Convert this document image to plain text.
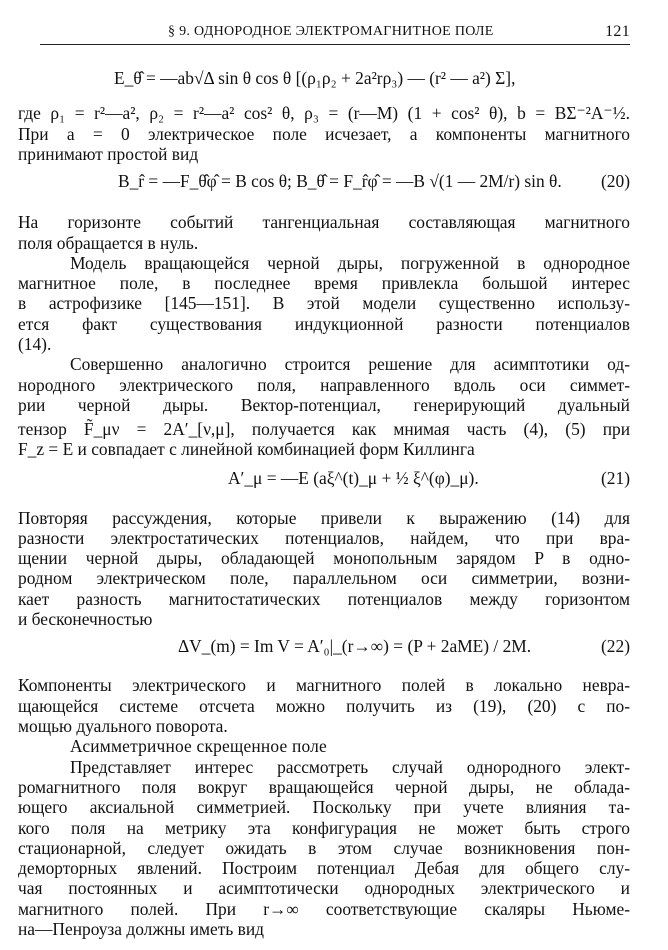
§ 9. ОДНОРОДНОЕ ЭЛЕКТРОМАГНИТНОЕ ПОЛЕ	121
E_θ̂ = —ab√Δ sin θ cos θ [(ρ₁ρ₂ + 2a²rρ₃) — (r² — a²) Σ],
где ρ₁ = r²—a², ρ₂ = r²—a² cos² θ, ρ₃ = (r—M) (1 + cos² θ), b = BΣ⁻²A⁻½.
При a = 0 электрическое поле исчезает, а компоненты магнитного
принимают простой вид
B_r̂ = —F_θ̂φ̂ = B cos θ; B_θ̂ = F_r̂φ̂ = —B √(1 — 2M/r) sin θ. (20)
На горизонте событий тангенциальная составляющая магнитного
поля обращается в нуль.
Модель вращающейся черной дыры, погруженной в однородное
магнитное поле, в последнее время привлекла большой интерес
в астрофизике [145—151]. В этой модели существенно использу-
ется факт существования индукционной разности потенциалов
(14).
Совершенно аналогично строится решение для асимптотики од-
нородного электрического поля, направленного вдоль оси симмет-
рии черной дыры. Вектор-потенциал, генерирующий дуальный
тензор F̃_μν = 2A′_[ν,μ], получается как мнимая часть (4), (5) при
F_z = E и совпадает с линейной комбинацией форм Киллинга
A′_μ = —E (aξ^(t)_μ + ½ ξ^(φ)_μ).	(21)
Повторяя рассуждения, которые привели к выражению (14) для
разности электростатических потенциалов, найдем, что при вра-
щении черной дыры, обладающей монопольным зарядом P в одно-
родном электрическом поле, параллельном оси симметрии, возни-
кает разность магнитостатических потенциалов между горизонтом
и бесконечностью
ΔV_(m) = Im V = A′₀|_(r→∞) = (P + 2aME) / 2M.	(22)
Компоненты электрического и магнитного полей в локально невра-
щающейся системе отсчета можно получить из (19), (20) с по-
мощью дуального поворота.
Асимметричное скрещенное поле
Представляет интерес рассмотреть случай однородного элект-
ромагнитного поля вокруг вращающейся черной дыры, не облада-
ющего аксиальной симметрией. Поскольку при учете влияния та-
кого поля на метрику эта конфигурация не может быть строго
стационарной, следует ожидать в этом случае возникновения пон-
деморторных явлений. Построим потенциал Дебая для общего слу-
чая постоянных и асимптотически однородных электрического и
магнитного полей. При r→∞ соответствующие скаляры Ньюме-
на—Пенроуза должны иметь вид
